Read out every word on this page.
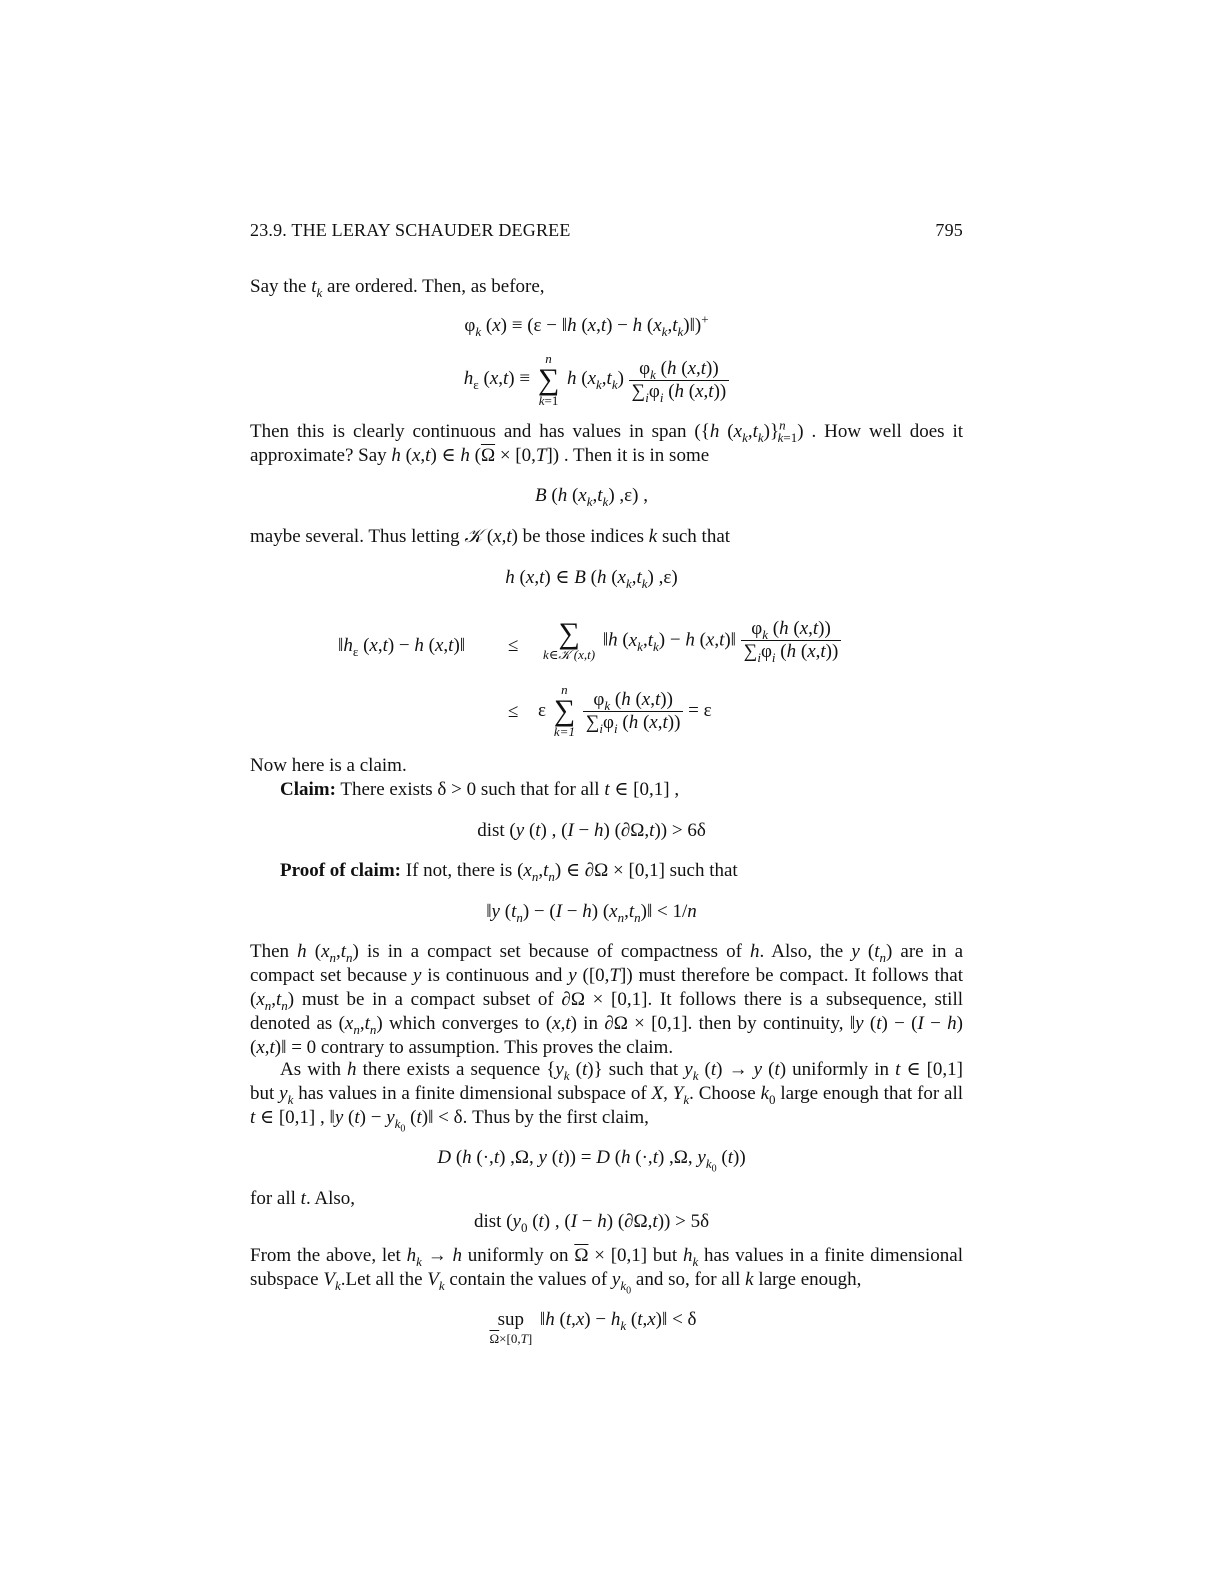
23.9. THE LERAY SCHAUDER DEGREE	795
Say the $t_k$ are ordered. Then, as before,
$\varphi_k$ (x) ≡ (ε − ‖h (x,t) − h $(x_k,t_k)‖)^+$
$h_\varepsilon$ (x,t) ≡
n
∑
k=1
h $(x_k,t_k) \frac{\varphi_k (h (x,t))}{\sum_i\varphi_i (h (x,t))}$
Then this is clearly continuous and has values in span ({h $(x_k,t_k)\}^n_{k=1}$) . How well does it approximate? Say h (x,t) ∈ h $(\overline{\Omega} \times [0,T])$ . Then it is in some
B (h $(x_k,t_k)$ ,ε) ,
maybe several. Thus letting 𝒦 (x,t) be those indices k such that
h (x,t) ∈ B (h $(x_k,t_k)$ ,ε)
$‖h_\varepsilon$ (x,t) − h (x,t)‖ ≤	∑
k∈𝒦 (x,t)
‖h $(x_k,t_k) - h$ (x,t)‖ $\frac{\varphi_k (h (x,t))}{\sum_i\varphi_i (h (x,t))}$
≤ ε
n
∑
k=1
$\frac{\varphi_k (h (x,t))}{\sum_i\varphi_i (h (x,t))} = \varepsilon$
Now here is a claim.
Claim: There exists δ > 0 such that for all t ∈ [0,1] ,
dist (y (t) , (I − h) (∂Ω,t)) > 6δ
Proof of claim: If not, there is $(x_n,t_n)$ ∈ ∂Ω × [0,1] such that
‖y $(t_n) - (I - h)$ $(x_n,t_n)‖ < 1/n$
Then h $(x_n,t_n)$ is in a compact set because of compactness of h. Also, the y $(t_n)$ are in a compact set because y is continuous and y ([0,T]) must therefore be compact. It follows that $(x_n,t_n)$ must be in a compact subset of ∂Ω × [0,1]. It follows there is a subsequence, still denoted as $(x_n,t_n)$ which converges to (x,t) in ∂Ω × [0,1]. then by continuity, ‖y (t) − (I − h) (x,t)‖ = 0 contrary to assumption. This proves the claim.
As with h there exists a sequence {$y_k$ (t)} such that $y_k$ (t) → y (t) uniformly in t ∈ [0,1] but $y_k$ has values in a finite dimensional subspace of X, $Y_k$. Choose $k_0$ large enough that for all t ∈ [0,1] , ‖y $(t) - y_{k_0}$ (t)‖ < δ. Thus by the first claim,
D (h (·,t) ,Ω, y (t)) = D (h (·,t) ,Ω, $y_{k_0}$ (t))
for all t. Also,
dist ($y_0$ (t) , (I − h) (∂Ω,t)) > 5δ
From the above, let $h_k \to h$ uniformly on $\overline{\Omega} \times [0,1]$ but $h_k$ has values in a finite dimensional subspace $V_k.Let$ all the $V_k$ contain the values of $y_{k_0}$ and so, for all k large enough,
sup
$\overline{\Omega}\times[0,T]$
‖h $(t,x) - h_k$ (t,x)‖ < δ
